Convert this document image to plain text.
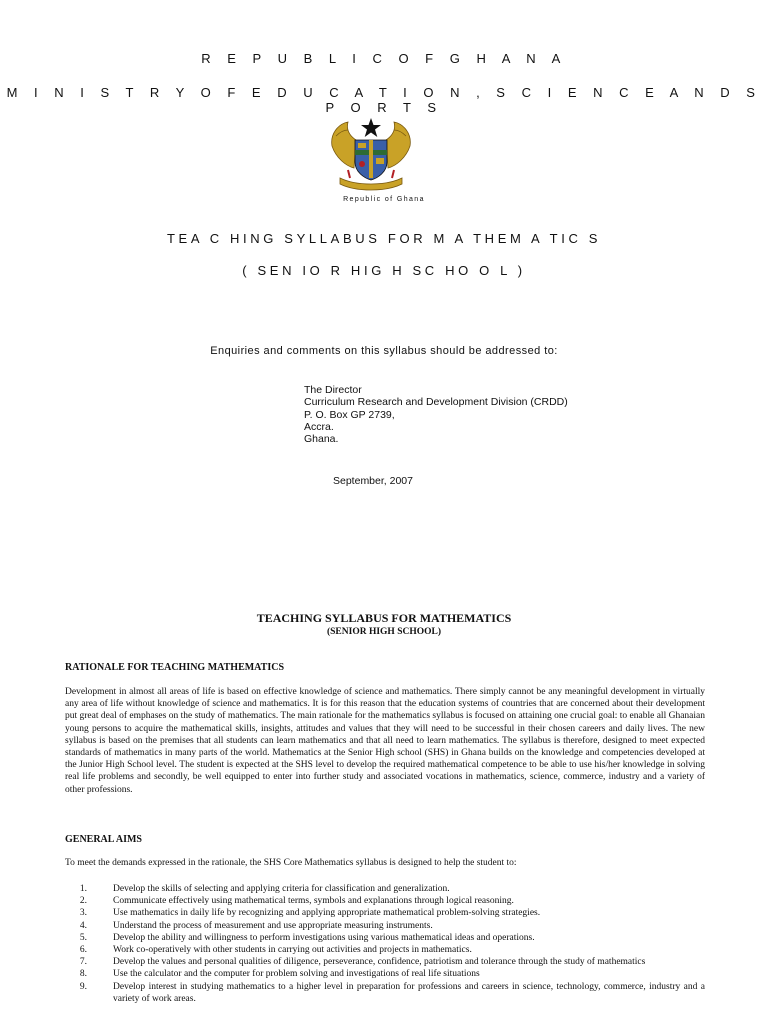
R E P U B L I C O F G H A N A
M I N I S T R Y O F E D U C A T I O N , S C I E N C E A N D S P O R T S
Republic of Ghana
TEA C HING SYLLABUS FOR M A THEM A TIC S
( SEN IO R HIG H SC HO O L )
Enquiries and comments on this syllabus should be addressed to:
The Director
Curriculum Research and Development Division (CRDD)
P. O. Box GP 2739,
Accra.
Ghana.
September, 2007
TEACHING SYLLABUS FOR MATHEMATICS
(SENIOR HIGH SCHOOL)
RATIONALE FOR TEACHING MATHEMATICS
Development in almost all areas of life is based on effective knowledge of science and mathematics. There simply cannot be any meaningful development in virtually any area of life without knowledge of science and mathematics. It is for this reason that the education systems of countries that are concerned about their development put great deal of emphases on the study of mathematics. The main rationale for the mathematics syllabus is focused on attaining one crucial goal: to enable all Ghanaian young persons to acquire the mathematical skills, insights, attitudes and values that they will need to be successful in their chosen careers and daily lives. The new syllabus is based on the premises that all students can learn mathematics and that all need to learn mathematics. The syllabus is therefore, designed to meet expected standards of mathematics in many parts of the world. Mathematics at the Senior High school (SHS) in Ghana builds on the knowledge and competencies developed at the Junior High School level. The student is expected at the SHS level to develop the required mathematical competence to be able to use his/her knowledge in solving real life problems and secondly, be well equipped to enter into further study and associated vocations in mathematics, science, commerce, industry and a variety of other professions.
GENERAL AIMS
To meet the demands expressed in the rationale, the SHS Core Mathematics syllabus is designed to help the student to:
1.	Develop the skills of selecting and applying criteria for classification and generalization.
2.	Communicate effectively using mathematical terms, symbols and explanations through logical reasoning.
3.	Use mathematics in daily life by recognizing and applying appropriate mathematical problem-solving strategies.
4.	Understand the process of measurement and use appropriate measuring instruments.
5.	Develop the ability and willingness to perform investigations using various mathematical ideas and operations.
6.	Work co-operatively with other students in carrying out activities and projects in mathematics.
7.	Develop the values and personal qualities of diligence, perseverance, confidence, patriotism and tolerance through the study of mathematics
8.	Use the calculator and the computer for problem solving and investigations of real life situations
9.	Develop interest in studying mathematics to a higher level in preparation for professions and careers in science, technology, commerce, industry and a variety of work areas.
